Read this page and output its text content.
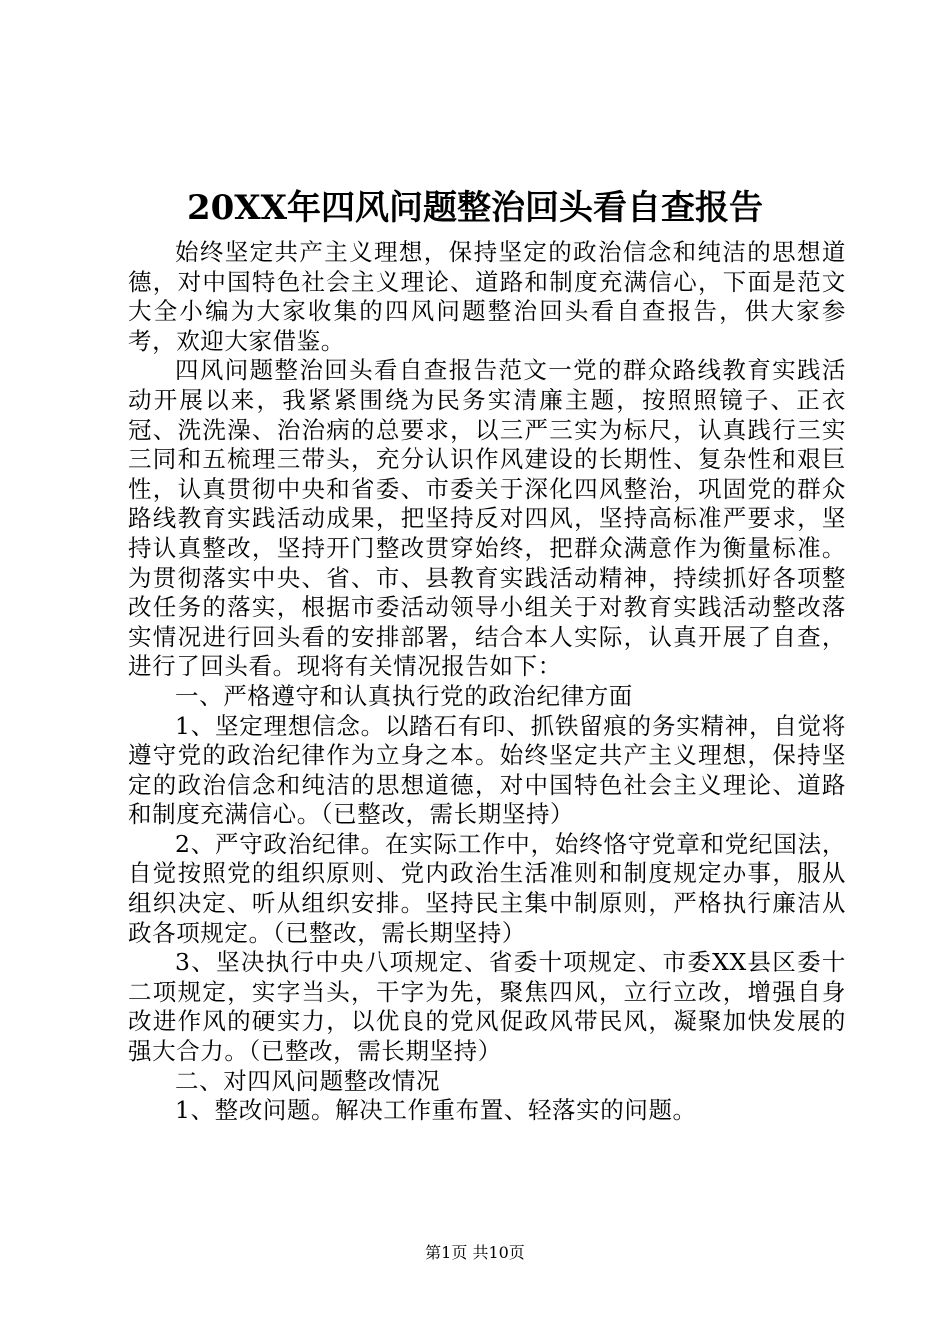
20XX年四风问题整治回头看自查报告

始终坚定共产主义理想，保持坚定的政治信念和纯洁的思想道德，对中国特色社会主义理论、道路和制度充满信心，下面是范文大全小编为大家收集的四风问题整治回头看自查报告，供大家参考，欢迎大家借鉴。

四风问题整治回头看自查报告范文一党的群众路线教育实践活动开展以来，我紧紧围绕为民务实清廉主题，按照照镜子、正衣冠、洗洗澡、治治病的总要求，以三严三实为标尺，认真践行三实三同和五梳理三带头，充分认识作风建设的长期性、复杂性和艰巨性，认真贯彻中央和省委、市委关于深化四风整治，巩固党的群众路线教育实践活动成果，把坚持反对四风，坚持高标准严要求，坚持认真整改，坚持开门整改贯穿始终，把群众满意作为衡量标准。为贯彻落实中央、省、市、县教育实践活动精神，持续抓好各项整改任务的落实，根据市委活动领导小组关于对教育实践活动整改落实情况进行回头看的安排部署，结合本人实际，认真开展了自查，进行了回头看。现将有关情况报告如下：

一、严格遵守和认真执行党的政治纪律方面

1、坚定理想信念。以踏石有印、抓铁留痕的务实精神，自觉将遵守党的政治纪律作为立身之本。始终坚定共产主义理想，保持坚定的政治信念和纯洁的思想道德，对中国特色社会主义理论、道路和制度充满信心。（已整改，需长期坚持）

2、严守政治纪律。在实际工作中，始终恪守党章和党纪国法，自觉按照党的组织原则、党内政治生活准则和制度规定办事，服从组织决定、听从组织安排。坚持民主集中制原则，严格执行廉洁从政各项规定。（已整改，需长期坚持）

3、坚决执行中央八项规定、省委十项规定、市委XX县区委十二项规定，实字当头，干字为先，聚焦四风，立行立改，增强自身改进作风的硬实力，以优良的党风促政风带民风，凝聚加快发展的强大合力。（已整改，需长期坚持）

二、对四风问题整改情况

1、整改问题。解决工作重布置、轻落实的问题。

第1页 共10页
